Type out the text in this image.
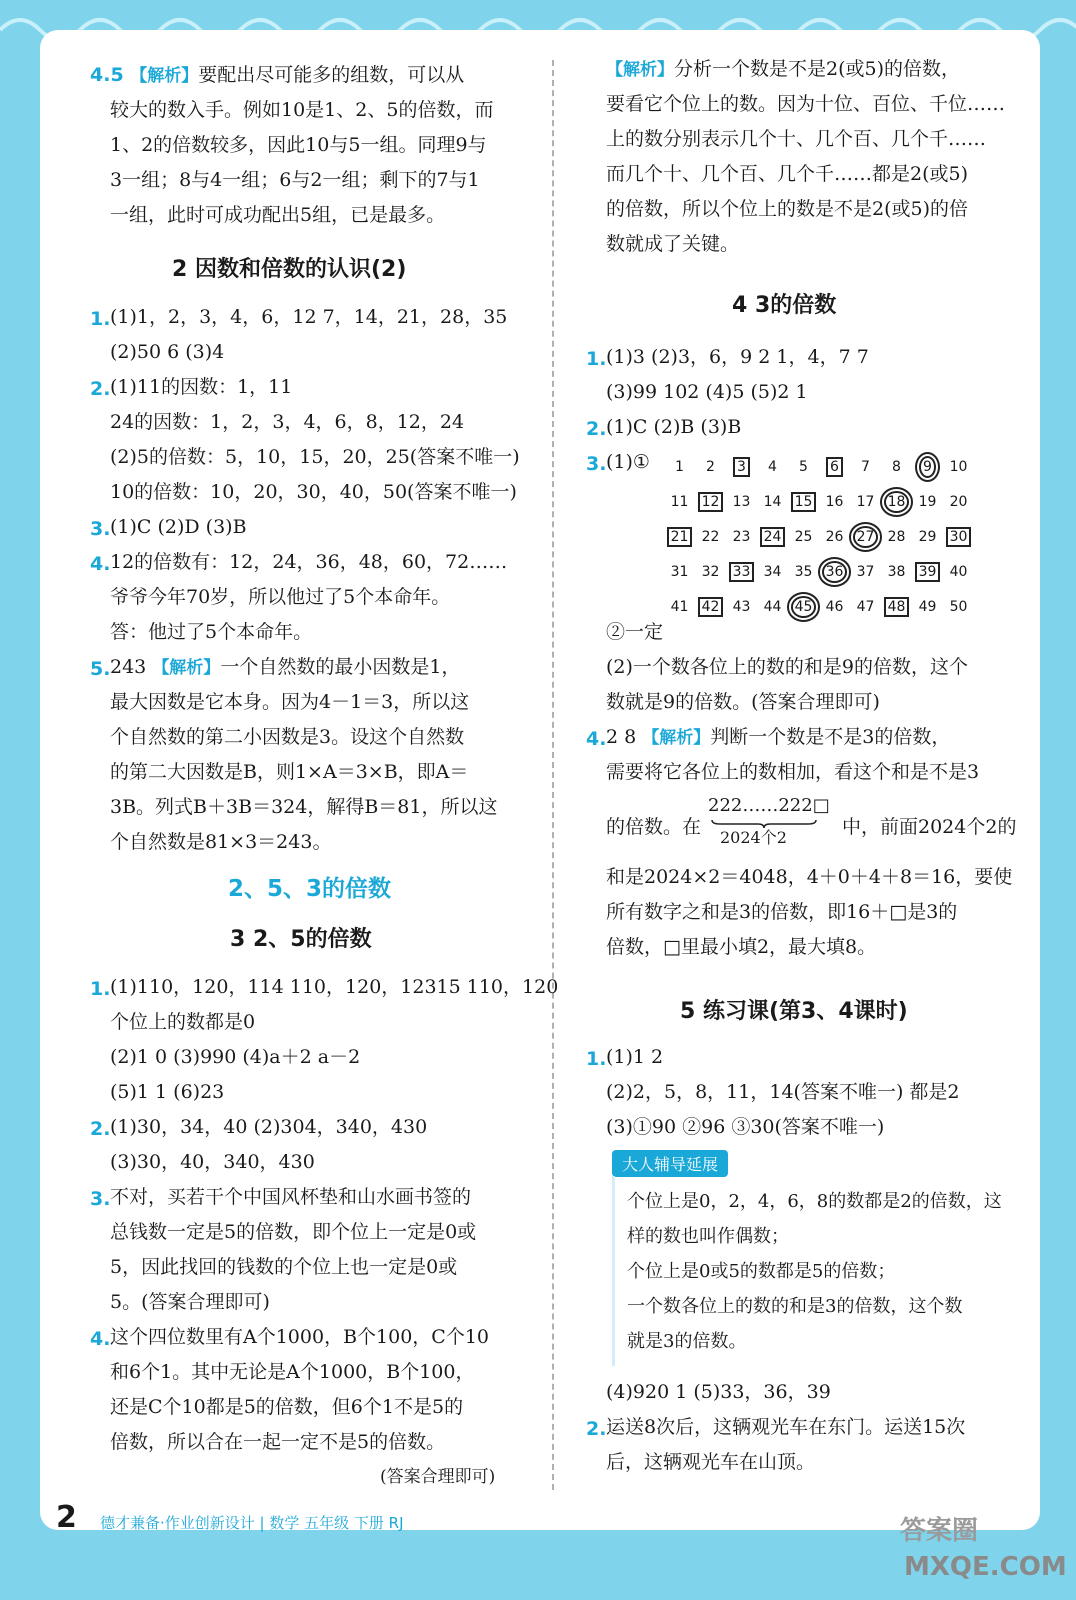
4.5 【解析】要配出尽可能多的组数，可以从
较大的数入手。例如10是1、2、5的倍数，而
1、2的倍数较多，因此10与5一组。同理9与
3一组；8与4一组；6与2一组；剩下的7与1
一组，此时可成功配出5组，已是最多。
2 因数和倍数的认识(2)
1. (1)1，2，3，4，6，12 7，14，21，28，35
(2)50 6 (3)4
2. (1)11的因数：1，11
24的因数：1，2，3，4，6，8，12，24
(2)5的倍数：5，10，15，20，25(答案不唯一)
10的倍数：10，20，30，40，50(答案不唯一)
3. (1)C (2)D (3)B
4. 12的倍数有：12，24，36，48，60，72……
爷爷今年70岁，所以他过了5个本命年。
答：他过了5个本命年。
5. 243 【解析】一个自然数的最小因数是1，
最大因数是它本身。因为4－1＝3，所以这
个自然数的第二小因数是3。设这个自然数
的第二大因数是B，则1×A＝3×B，即A＝
3B。列式B＋3B＝324，解得B＝81，所以这
个自然数是81×3＝243。
2、5、3的倍数
3 2、5的倍数
1. (1)110，120，114 110，120，12315 110，120
个位上的数都是0
(2)1 0 (3)990 (4)a＋2 a－2
(5)1 1 (6)23
2. (1)30，34，40 (2)304，340，430
(3)30，40，340，430
3. 不对，买若干个中国风杯垫和山水画书签的
总钱数一定是5的倍数，即个位上一定是0或
5，因此找回的钱数的个位上也一定是0或
5。(答案合理即可)
4. 这个四位数里有A个1000，B个100，C个10
和6个1。其中无论是A个1000，B个100，
还是C个10都是5的倍数，但6个1不是5的
倍数，所以合在一起一定不是5的倍数。
(答案合理即可)
【解析】分析一个数是不是2(或5)的倍数，
要看它个位上的数。因为十位、百位、千位……
上的数分别表示几个十、几个百、几个千……
而几个十、几个百、几个千……都是2(或5)
的倍数，所以个位上的数是不是2(或5)的倍
数就成了关键。
4 3的倍数
1. (1)3 (2)3，6，9 2 1，4，7 7
(3)99 102 (4)5 (5)2 1
2. (1)C (2)B (3)B
3. (1)① 1	2	3	4	5	6	7	8	9	10
11	12	13	14	15	16	17	18	19	20
21	22	23	24	25	26	27	28	29	30
31	32	33	34	35	36	37	38	39	40
41	42	43	44	45	46	47	48	49	50
②一定
(2)一个数各位上的数的和是9的倍数，这个
数就是9的倍数。(答案合理即可)
4. 2 8 【解析】判断一个数是不是3的倍数，
需要将它各位上的数相加，看这个和是不是3
的倍数。在
222……222□
2024个2	中，前面2024个2的
和是2024×2＝4048，4＋0＋4＋8＝16，要使
所有数字之和是3的倍数，即16＋□是3的
倍数，□里最小填2，最大填8。
5 练习课(第3、4课时)
1. (1)1 2
(2)2，5，8，11，14(答案不唯一) 都是2
(3)①90 ②96 ③30(答案不唯一)
大人辅导延展
个位上是0，2，4，6，8的数都是2的倍数，这
样的数也叫作偶数；
个位上是0或5的数都是5的倍数；
一个数各位上的数的和是3的倍数，这个数
就是3的倍数。
(4)920 1 (5)33，36，39
2. 运送8次后，这辆观光车在东门。运送15次
后，这辆观光车在山顶。
2 德才兼备·作业创新设计 | 数学 五年级 下册 RJ	答案圈
MXQE.COM
